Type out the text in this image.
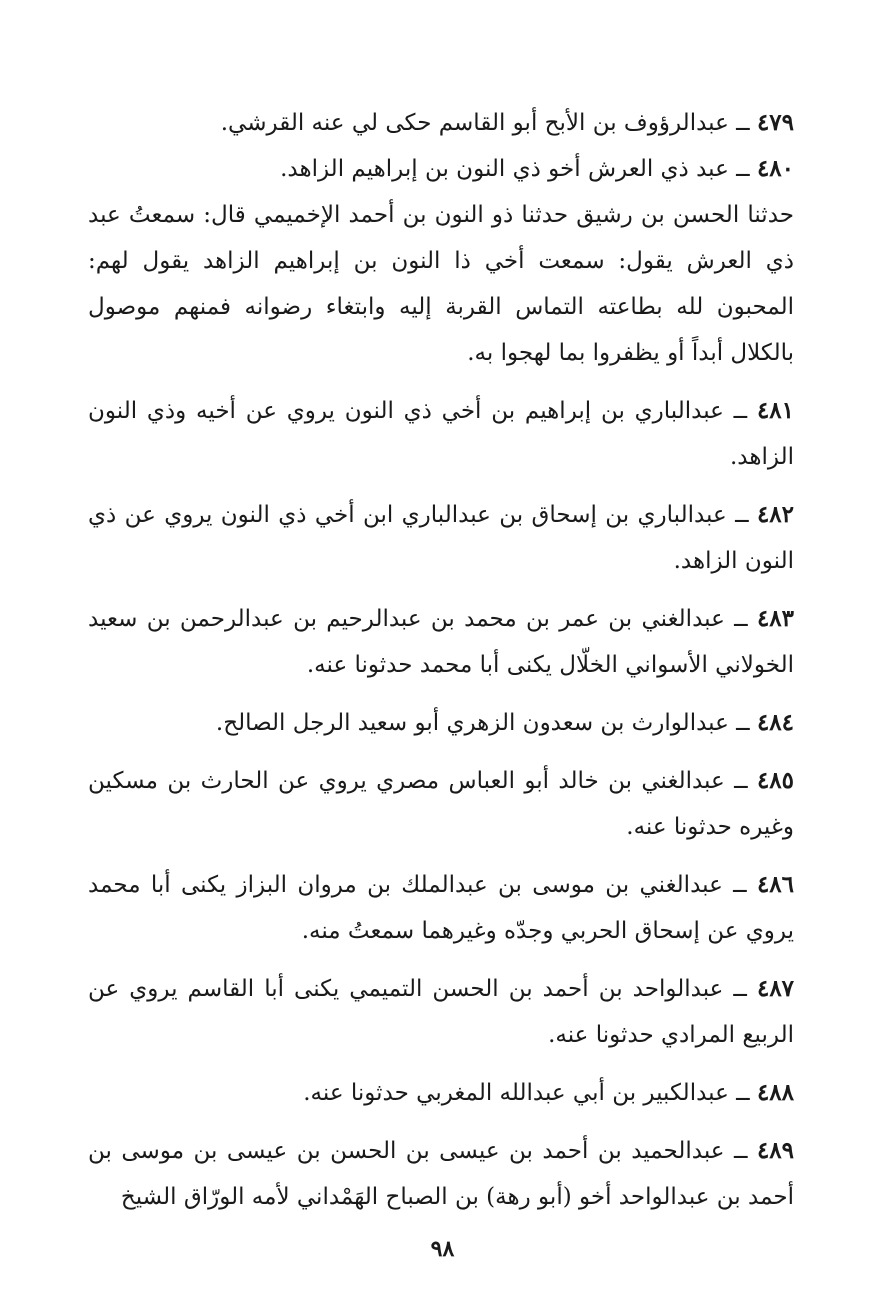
٤٧٩ ــ عبدالرؤوف بن الأبح أبو القاسم حكى لي عنه القرشي.

٤٨٠ ــ عبد ذي العرش أخو ذي النون بن إبراهيم الزاهد.

حدثنا الحسن بن رشيق حدثنا ذو النون بن أحمد الإخميمي قال: سمعتُ عبد ذي العرش يقول: سمعت أخي ذا النون بن إبراهيم الزاهد يقول لهم: المحبون لله بطاعته التماس القربة إليه وابتغاء رضوانه فمنهم موصول بالكلال أبداً أو يظفروا بما لهجوا به.

٤٨١ ــ عبدالباري بن إبراهيم بن أخي ذي النون يروي عن أخيه وذي النون الزاهد.

٤٨٢ ــ عبدالباري بن إسحاق بن عبدالباري ابن أخي ذي النون يروي عن ذي النون الزاهد.

٤٨٣ ــ عبدالغني بن عمر بن محمد بن عبدالرحيم بن عبدالرحمن بن سعيد الخولاني الأسواني الخلّال يكنى أبا محمد حدثونا عنه.

٤٨٤ ــ عبدالوارث بن سعدون الزهري أبو سعيد الرجل الصالح.

٤٨٥ ــ عبدالغني بن خالد أبو العباس مصري يروي عن الحارث بن مسكين وغيره حدثونا عنه.

٤٨٦ ــ عبدالغني بن موسى بن عبدالملك بن مروان البزاز يكنى أبا محمد يروي عن إسحاق الحربي وجدّه وغيرهما سمعتُ منه.

٤٨٧ ــ عبدالواحد بن أحمد بن الحسن التميمي يكنى أبا القاسم يروي عن الربيع المرادي حدثونا عنه.

٤٨٨ ــ عبدالكبير بن أبي عبدالله المغربي حدثونا عنه.

٤٨٩ ــ عبدالحميد بن أحمد بن عيسى بن الحسن بن عيسى بن موسى بن أحمد بن عبدالواحد أخو (أبو رهة) بن الصباح الهَمْداني لأمه الورّاق الشيخ

٩٨
